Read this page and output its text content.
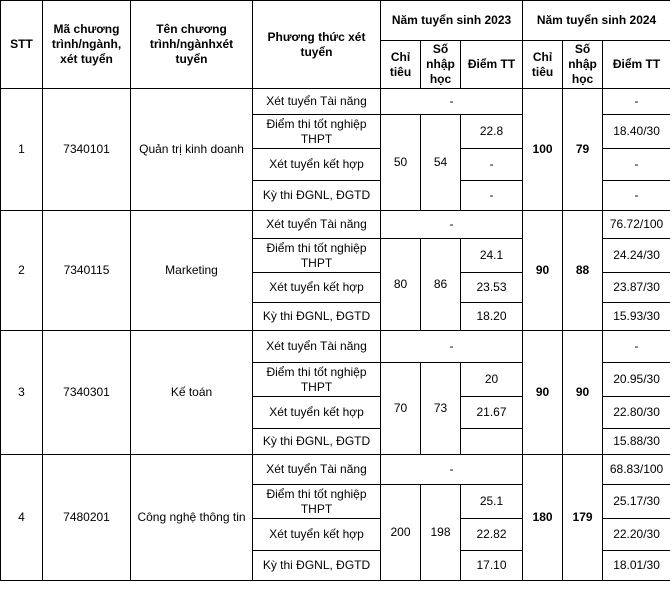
STT	Mã chương trình/ngành, xét tuyển	Tên chương trình/ngànhxét tuyển	Phương thức xét tuyển	Năm tuyển sinh 2023			Năm tuyển sinh 2024		
				Chỉ tiêu	Số nhập học	Điểm TT	Chỉ tiêu	Số nhập học	Điểm TT
1	7340101	Quản trị kinh doanh	Xét tuyển Tài năng	-			100	79	-
			Điểm thi tốt nghiệp THPT	50	54	22.8			18.40/30
			Xét tuyển kết hợp			-			-
			Kỳ thi ĐGNL, ĐGTD			-			-
2	7340115	Marketing	Xét tuyển Tài năng	-			90	88	76.72/100
			Điểm thi tốt nghiệp THPT	80	86	24.1			24.24/30
			Xét tuyển kết hợp			23.53			23.87/30
			Kỳ thi ĐGNL, ĐGTD			18.20			15.93/30
3	7340301	Kế toán	Xét tuyển Tài năng	-			90	90	-
			Điểm thi tốt nghiệp THPT	70	73	20			20.95/30
			Xét tuyển kết hợp			21.67			22.80/30
			Kỳ thi ĐGNL, ĐGTD						15.88/30
4	7480201	Công nghệ thông tin	Xét tuyển Tài năng	-			180	179	68.83/100
			Điểm thi tốt nghiệp THPT	200	198	25.1			25.17/30
			Xét tuyển kết hợp			22.82			22.20/30
			Kỳ thi ĐGNL, ĐGTD			17.10			18.01/30
